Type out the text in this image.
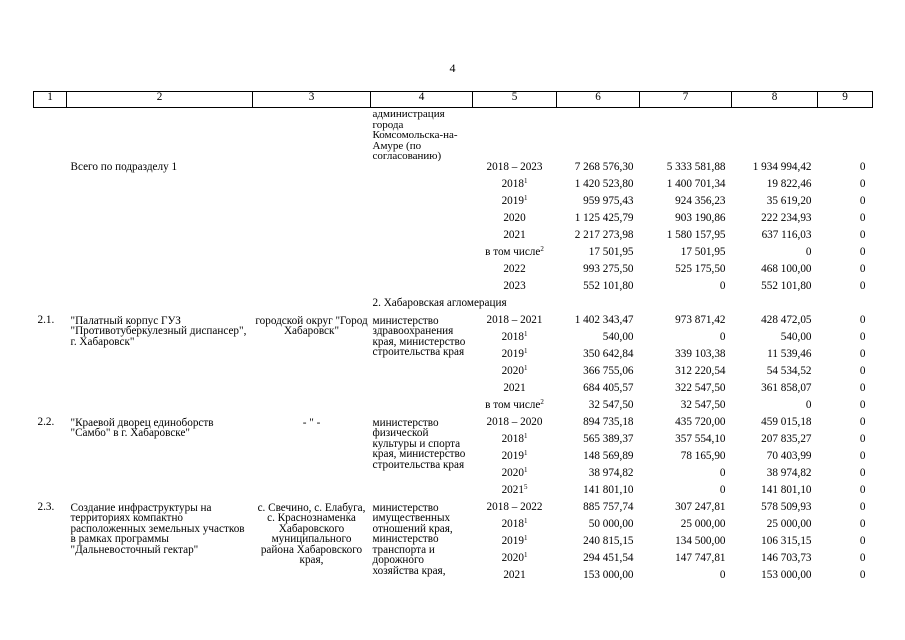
4
1	2	3	4	5	6	7	8	9
			администрация города Комсомольска-на-Амуре (по согласованию)					
	Всего по подразделу 1			2018 – 2023	7 268 576,30	5 333 581,88	1 934 994,42	0
				2018$^1$	1 420 523,80	1 400 701,34	19 822,46	0
				2019$^1$	959 975,43	924 356,23	35 619,20	0
				2020	1 125 425,79	903 190,86	222 234,93	0
				2021	2 217 273,98	1 580 157,95	637 116,03	0
				в том числе$^2$	17 501,95	17 501,95	0	0
				2022	993 275,50	525 175,50	468 100,00	0
				2023	552 101,80	0	552 101,80	0
			2. Хабаровская агломерация					
2.1.	"Палатный корпус ГУЗ "Противотуберкулезный диспансер", г. Хабаровск"	городской округ "Город Хабаровск"	министерство здравоохранения края, министерство строительства края	2018 – 2021	1 402 343,47	973 871,42	428 472,05	0
				2018$^1$	540,00	0	540,00	0
				2019$^1$	350 642,84	339 103,38	11 539,46	0
				2020$^1$	366 755,06	312 220,54	54 534,52	0
				2021	684 405,57	322 547,50	361 858,07	0
				в том числе$^2$	32 547,50	32 547,50	0	0
2.2.	"Краевой дворец единоборств "Самбо" в г. Хабаровске"	- " -	министерство физической культуры и спорта края, министерство строительства края	2018 – 2020	894 735,18	435 720,00	459 015,18	0
				2018$^1$	565 389,37	357 554,10	207 835,27	0
				2019$^1$	148 569,89	78 165,90	70 403,99	0
				2020$^1$	38 974,82	0	38 974,82	0
				2021$^5$	141 801,10	0	141 801,10	0
2.3.	Создание инфраструктуры на территориях компактно расположенных земельных участков в рамках программы "Дальневосточный гектар"	с. Свечино, с. Елабуга, с. Краснознаменка Хабаровского муниципального района Хабаровского края,	министерство имущественных отношений края, министерство транспорта и дорожного хозяйства края,	2018 – 2022	885 757,74	307 247,81	578 509,93	0
				2018$^1$	50 000,00	25 000,00	25 000,00	0
				2019$^1$	240 815,15	134 500,00	106 315,15	0
				2020$^1$	294 451,54	147 747,81	146 703,73	0
				2021	153 000,00	0	153 000,00	0
